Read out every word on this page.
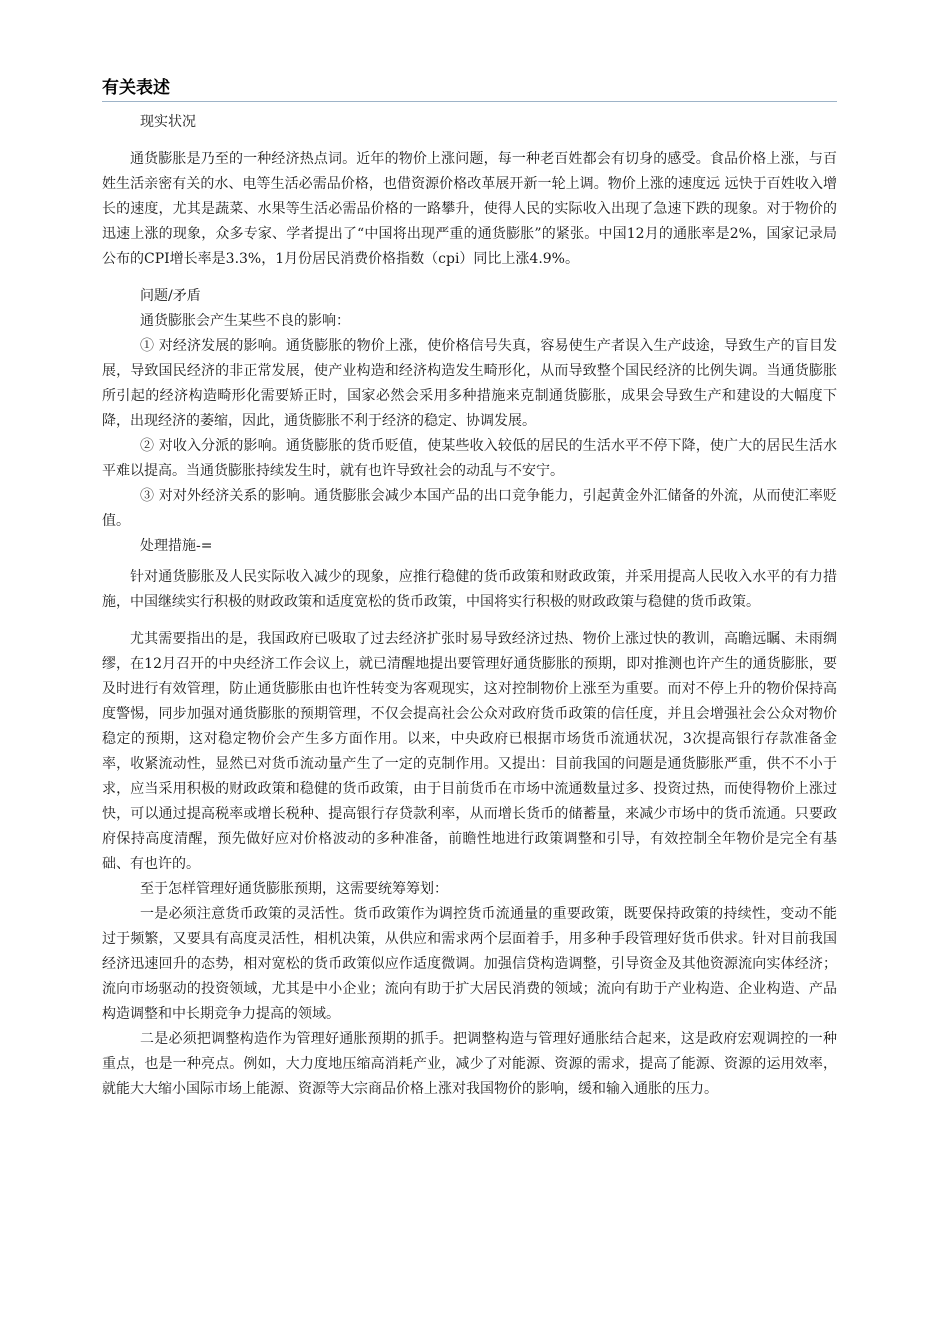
有关表述

现实状况

通货膨胀是乃至的一种经济热点词。近年的物价上涨问题，每一种老百姓都会有切身的感受。食品价格上涨，与百姓生活亲密有关的水、电等生活必需品价格，也借资源价格改革展开新一轮上调。物价上涨的速度远 远快于百姓收入增长的速度，尤其是蔬菜、水果等生活必需品价格的一路攀升，使得人民的实际收入出现了急速下跌的现象。对于物价的迅速上涨的现象，众多专家、学者提出了“中国将出现严重的通货膨胀”的紧张。中国12月的通胀率是2%，国家记录局公布的CPI增长率是3.3%，1月份居民消费价格指数（cpi）同比上涨4.9%。

问题/矛盾

通货膨胀会产生某些不良的影响：

① 对经济发展的影响。通货膨胀的物价上涨，使价格信号失真，容易使生产者误入生产歧途，导致生产的盲目发展，导致国民经济的非正常发展，使产业构造和经济构造发生畸形化，从而导致整个国民经济的比例失调。当通货膨胀所引起的经济构造畸形化需要矫正时，国家必然会采用多种措施来克制通货膨胀，成果会导致生产和建设的大幅度下降，出现经济的萎缩，因此，通货膨胀不利于经济的稳定、协调发展。

② 对收入分派的影响。通货膨胀的货币贬值，使某些收入较低的居民的生活水平不停下降，使广大的居民生活水平难以提高。当通货膨胀持续发生时，就有也许导致社会的动乱与不安宁。

③ 对对外经济关系的影响。通货膨胀会减少本国产品的出口竞争能力，引起黄金外汇储备的外流，从而使汇率贬值。

处理措施-=

针对通货膨胀及人民实际收入减少的现象，应推行稳健的货币政策和财政政策，并采用提高人民收入水平的有力措施，中国继续实行积极的财政政策和适度宽松的货币政策，中国将实行积极的财政政策与稳健的货币政策。

尤其需要指出的是，我国政府已吸取了过去经济扩张时易导致经济过热、物价上涨过快的教训，高瞻远瞩、未雨绸缪，在12月召开的中央经济工作会议上，就已清醒地提出要管理好通货膨胀的预期，即对推测也许产生的通货膨胀，要及时进行有效管理，防止通货膨胀由也许性转变为客观现实，这对控制物价上涨至为重要。而对不停上升的物价保持高度警惕，同步加强对通货膨胀的预期管理，不仅会提高社会公众对政府货币政策的信任度，并且会增强社会公众对物价稳定的预期，这对稳定物价会产生多方面作用。以来，中央政府已根据市场货币流通状况，3次提高银行存款准备金率，收紧流动性，显然已对货币流动量产生了一定的克制作用。又提出：目前我国的问题是通货膨胀严重，供不不小于求，应当采用积极的财政政策和稳健的货币政策，由于目前货币在市场中流通数量过多、投资过热，而使得物价上涨过快，可以通过提高税率或增长税种、提高银行存贷款利率，从而增长货币的储蓄量，来减少市场中的货币流通。只要政府保持高度清醒，预先做好应对价格波动的多种准备，前瞻性地进行政策调整和引导，有效控制全年物价是完全有基础、有也许的。

至于怎样管理好通货膨胀预期，这需要统筹筹划：

一是必须注意货币政策的灵活性。货币政策作为调控货币流通量的重要政策，既要保持政策的持续性，变动不能过于频繁，又要具有高度灵活性，相机决策，从供应和需求两个层面着手，用多种手段管理好货币供求。针对目前我国经济迅速回升的态势，相对宽松的货币政策似应作适度微调。加强信贷构造调整，引导资金及其他资源流向实体经济；流向市场驱动的投资领域，尤其是中小企业；流向有助于扩大居民消费的领域；流向有助于产业构造、企业构造、产品构造调整和中长期竞争力提高的领域。

二是必须把调整构造作为管理好通胀预期的抓手。把调整构造与管理好通胀结合起来，这是政府宏观调控的一种重点，也是一种亮点。例如，大力度地压缩高消耗产业，减少了对能源、资源的需求，提高了能源、资源的运用效率，就能大大缩小国际市场上能源、资源等大宗商品价格上涨对我国物价的影响，缓和输入通胀的压力。
